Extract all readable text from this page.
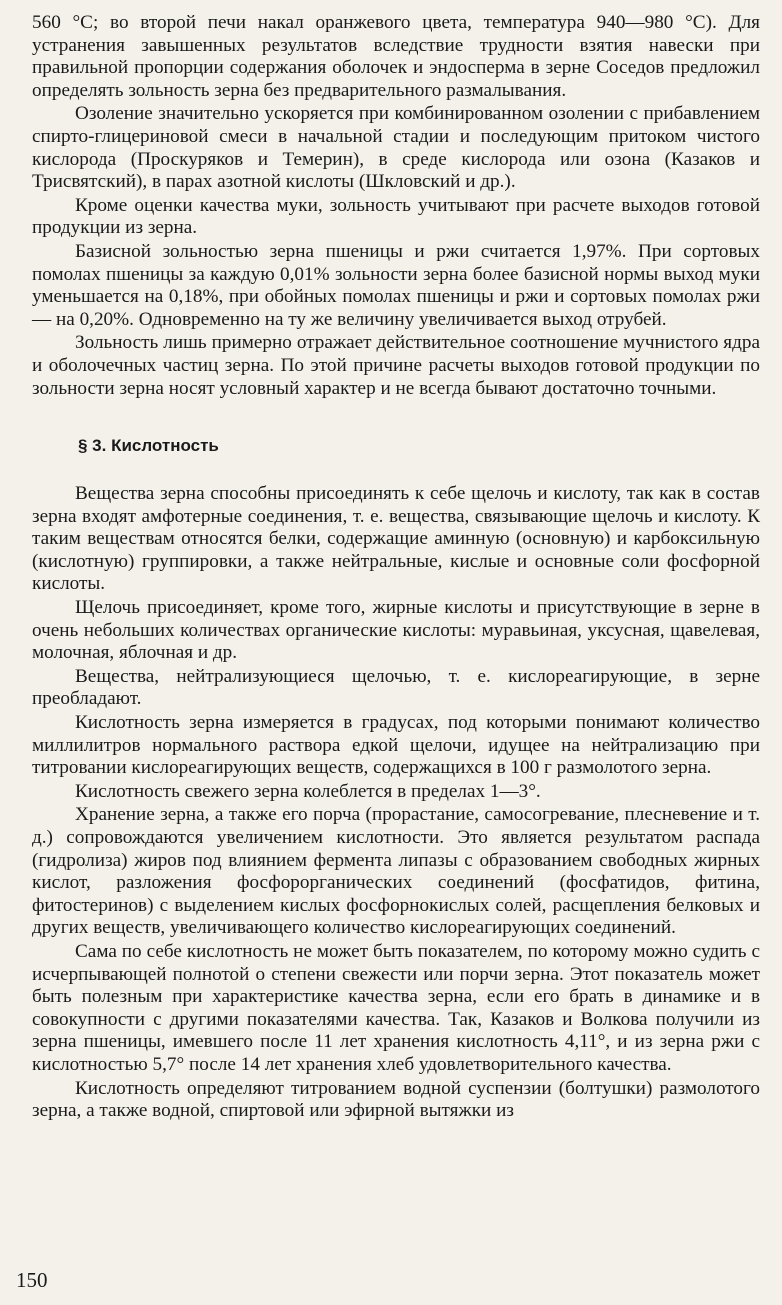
560 °C; во второй печи накал оранжевого цвета, температура 940—980 °C). Для устранения завышенных результатов вследствие трудности взятия навески при правильной пропорции содержания оболочек и эндосперма в зерне Соседов предложил определять зольность зерна без предварительного размалывания.

Озоление значительно ускоряется при комбинированном озолении с прибавлением спирто-глицериновой смеси в начальной стадии и последующим притоком чистого кислорода (Проскуряков и Темерин), в среде кислорода или озона (Казаков и Трисвятский), в парах азотной кислоты (Шкловский и др.).

Кроме оценки качества муки, зольность учитывают при расчете выходов готовой продукции из зерна.

Базисной зольностью зерна пшеницы и ржи считается 1,97%. При сортовых помолах пшеницы за каждую 0,01% зольности зерна более базисной нормы выход муки уменьшается на 0,18%, при обойных помолах пшеницы и ржи и сортовых помолах ржи — на 0,20%. Одновременно на ту же величину увеличивается выход отрубей.

Зольность лишь примерно отражает действительное соотношение мучнистого ядра и оболочечных частиц зерна. По этой причине расчеты выходов готовой продукции по зольности зерна носят условный характер и не всегда бывают достаточно точными.

§ 3. Кислотность

Вещества зерна способны присоединять к себе щелочь и кислоту, так как в состав зерна входят амфотерные соединения, т. е. вещества, связывающие щелочь и кислоту. К таким веществам относятся белки, содержащие аминную (основную) и карбоксильную (кислотную) группировки, а также нейтральные, кислые и основные соли фосфорной кислоты.

Щелочь присоединяет, кроме того, жирные кислоты и присутствующие в зерне в очень небольших количествах органические кислоты: муравьиная, уксусная, щавелевая, молочная, яблочная и др.

Вещества, нейтрализующиеся щелочью, т. е. кислореагирующие, в зерне преобладают.

Кислотность зерна измеряется в градусах, под которыми понимают количество миллилитров нормального раствора едкой щелочи, идущее на нейтрализацию при титровании кислореагирующих веществ, содержащихся в 100 г размолотого зерна.

Кислотность свежего зерна колеблется в пределах 1—3°.

Хранение зерна, а также его порча (прорастание, самосогревание, плесневение и т. д.) сопровождаются увеличением кислотности. Это является результатом распада (гидролиза) жиров под влиянием фермента липазы с образованием свободных жирных кислот, разложения фосфорорганических соединений (фосфатидов, фитина, фитостеринов) с выделением кислых фосфорнокислых солей, расщепления белковых и других веществ, увеличивающего количество кислореагирующих соединений.

Сама по себе кислотность не может быть показателем, по которому можно судить с исчерпывающей полнотой о степени свежести или порчи зерна. Этот показатель может быть полезным при характеристике качества зерна, если его брать в динамике и в совокупности с другими показателями качества. Так, Казаков и Волкова получили из зерна пшеницы, имевшего после 11 лет хранения кислотность 4,11°, и из зерна ржи с кислотностью 5,7° после 14 лет хранения хлеб удовлетворительного качества.

Кислотность определяют титрованием водной суспензии (болтушки) размолотого зерна, а также водной, спиртовой или эфирной вытяжки из

150
